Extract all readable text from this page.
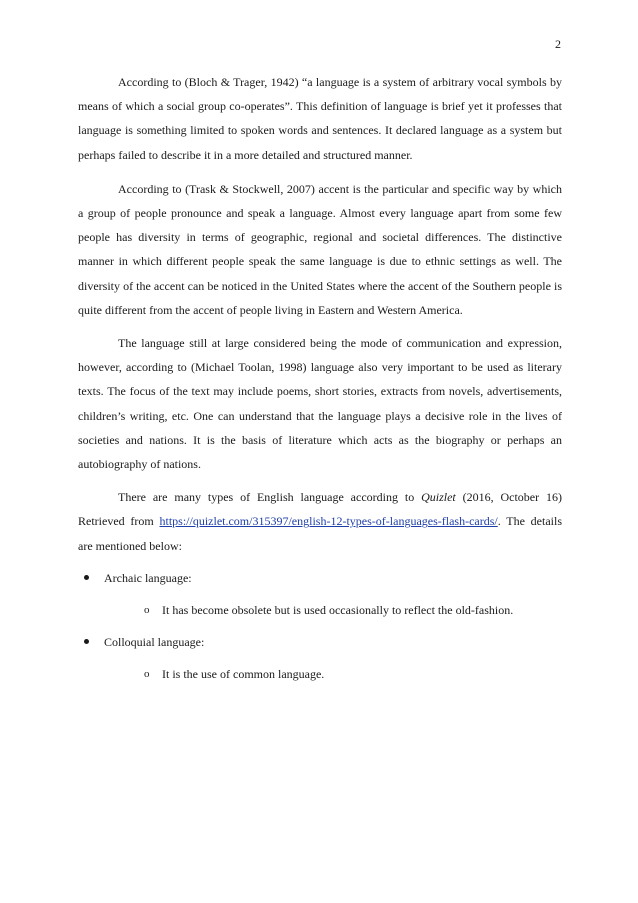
2

According to (Bloch & Trager, 1942) “a language is a system of arbitrary vocal symbols by means of which a social group co-operates”. This definition of language is brief yet it professes that language is something limited to spoken words and sentences. It declared language as a system but perhaps failed to describe it in a more detailed and structured manner.

According to (Trask & Stockwell, 2007) accent is the particular and specific way by which a group of people pronounce and speak a language. Almost every language apart from some few people has diversity in terms of geographic, regional and societal differences. The distinctive manner in which different people speak the same language is due to ethnic settings as well. The diversity of the accent can be noticed in the United States where the accent of the Southern people is quite different from the accent of people living in Eastern and Western America.

The language still at large considered being the mode of communication and expression, however, according to (Michael Toolan, 1998) language also very important to be used as literary texts. The focus of the text may include poems, short stories, extracts from novels, advertisements, children’s writing, etc. One can understand that the language plays a decisive role in the lives of societies and nations. It is the basis of literature which acts as the biography or perhaps an autobiography of nations.

There are many types of English language according to Quizlet (2016, October 16) Retrieved from https://quizlet.com/315397/english-12-types-of-languages-flash-cards/. The details are mentioned below:

Archaic language:
o It has become obsolete but is used occasionally to reflect the old-fashion.
Colloquial language:
o It is the use of common language.
